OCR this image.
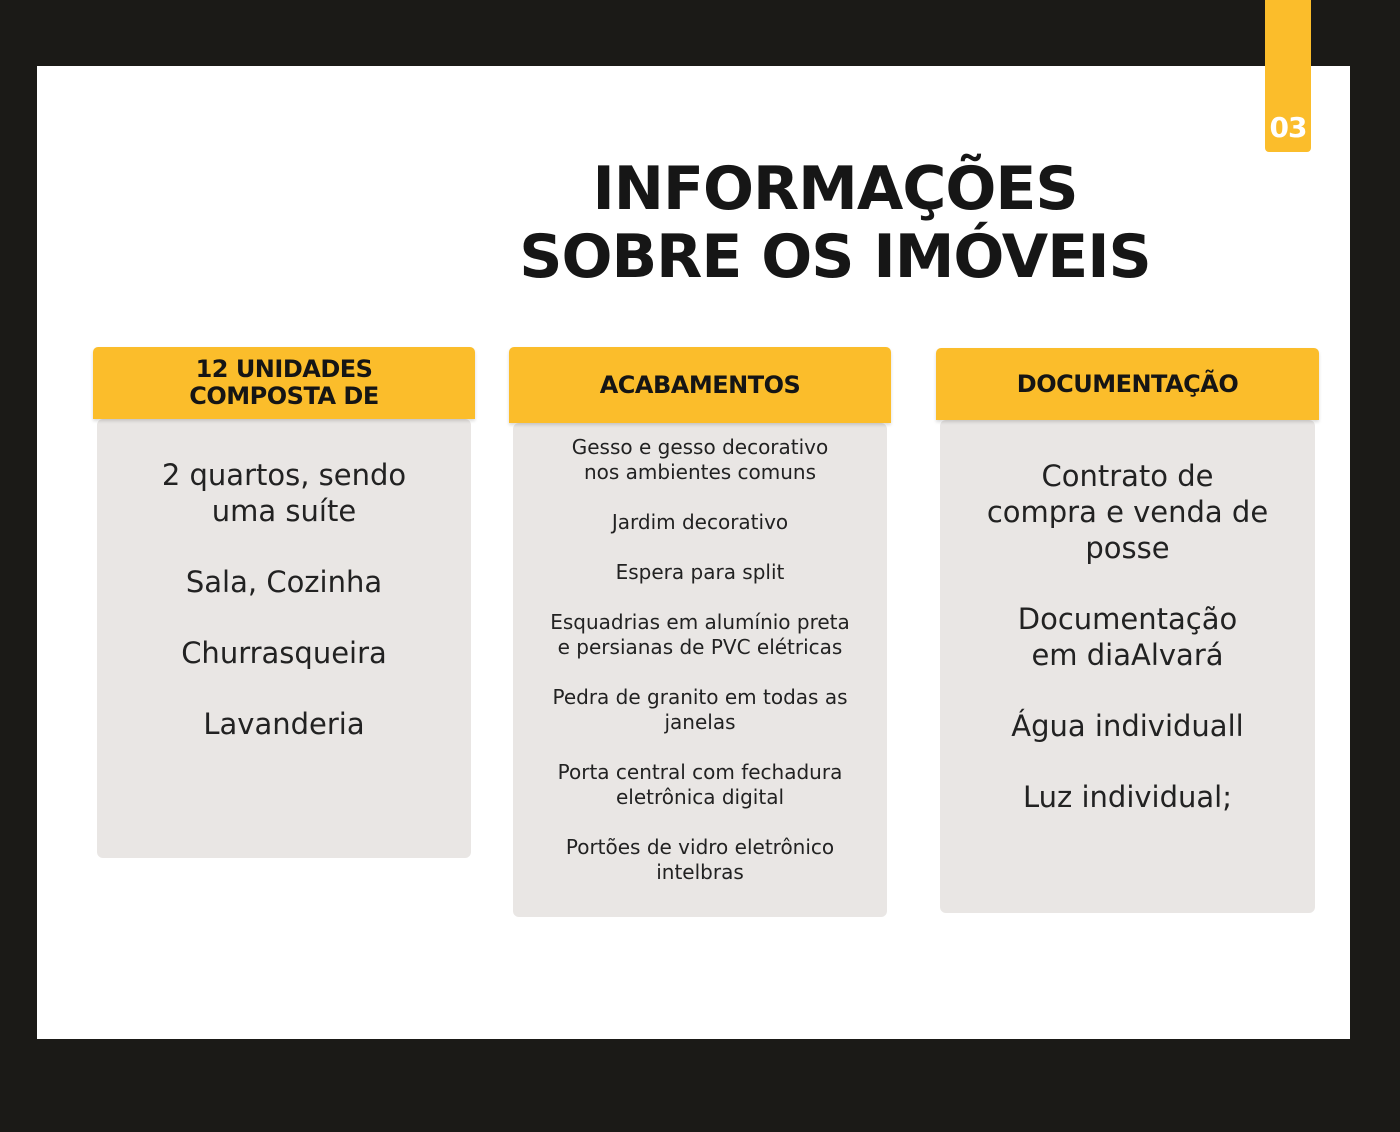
03
INFORMAÇÕES
SOBRE OS IMÓVEIS
12 UNIDADES
COMPOSTA DE
2 quartos, sendo
uma suíte
Sala, Cozinha
Churrasqueira
Lavanderia
ACABAMENTOS
Gesso e gesso decorativo
nos ambientes comuns
Jardim decorativo
Espera para split
Esquadrias em alumínio preta
e persianas de PVC elétricas
Pedra de granito em todas as
janelas
Porta central com fechadura
eletrônica digital
Portões de vidro eletrônico
intelbras
DOCUMENTAÇÃO
Contrato de
compra e venda de
posse
Documentação
em diaAlvará
Água individuall
Luz individual;
